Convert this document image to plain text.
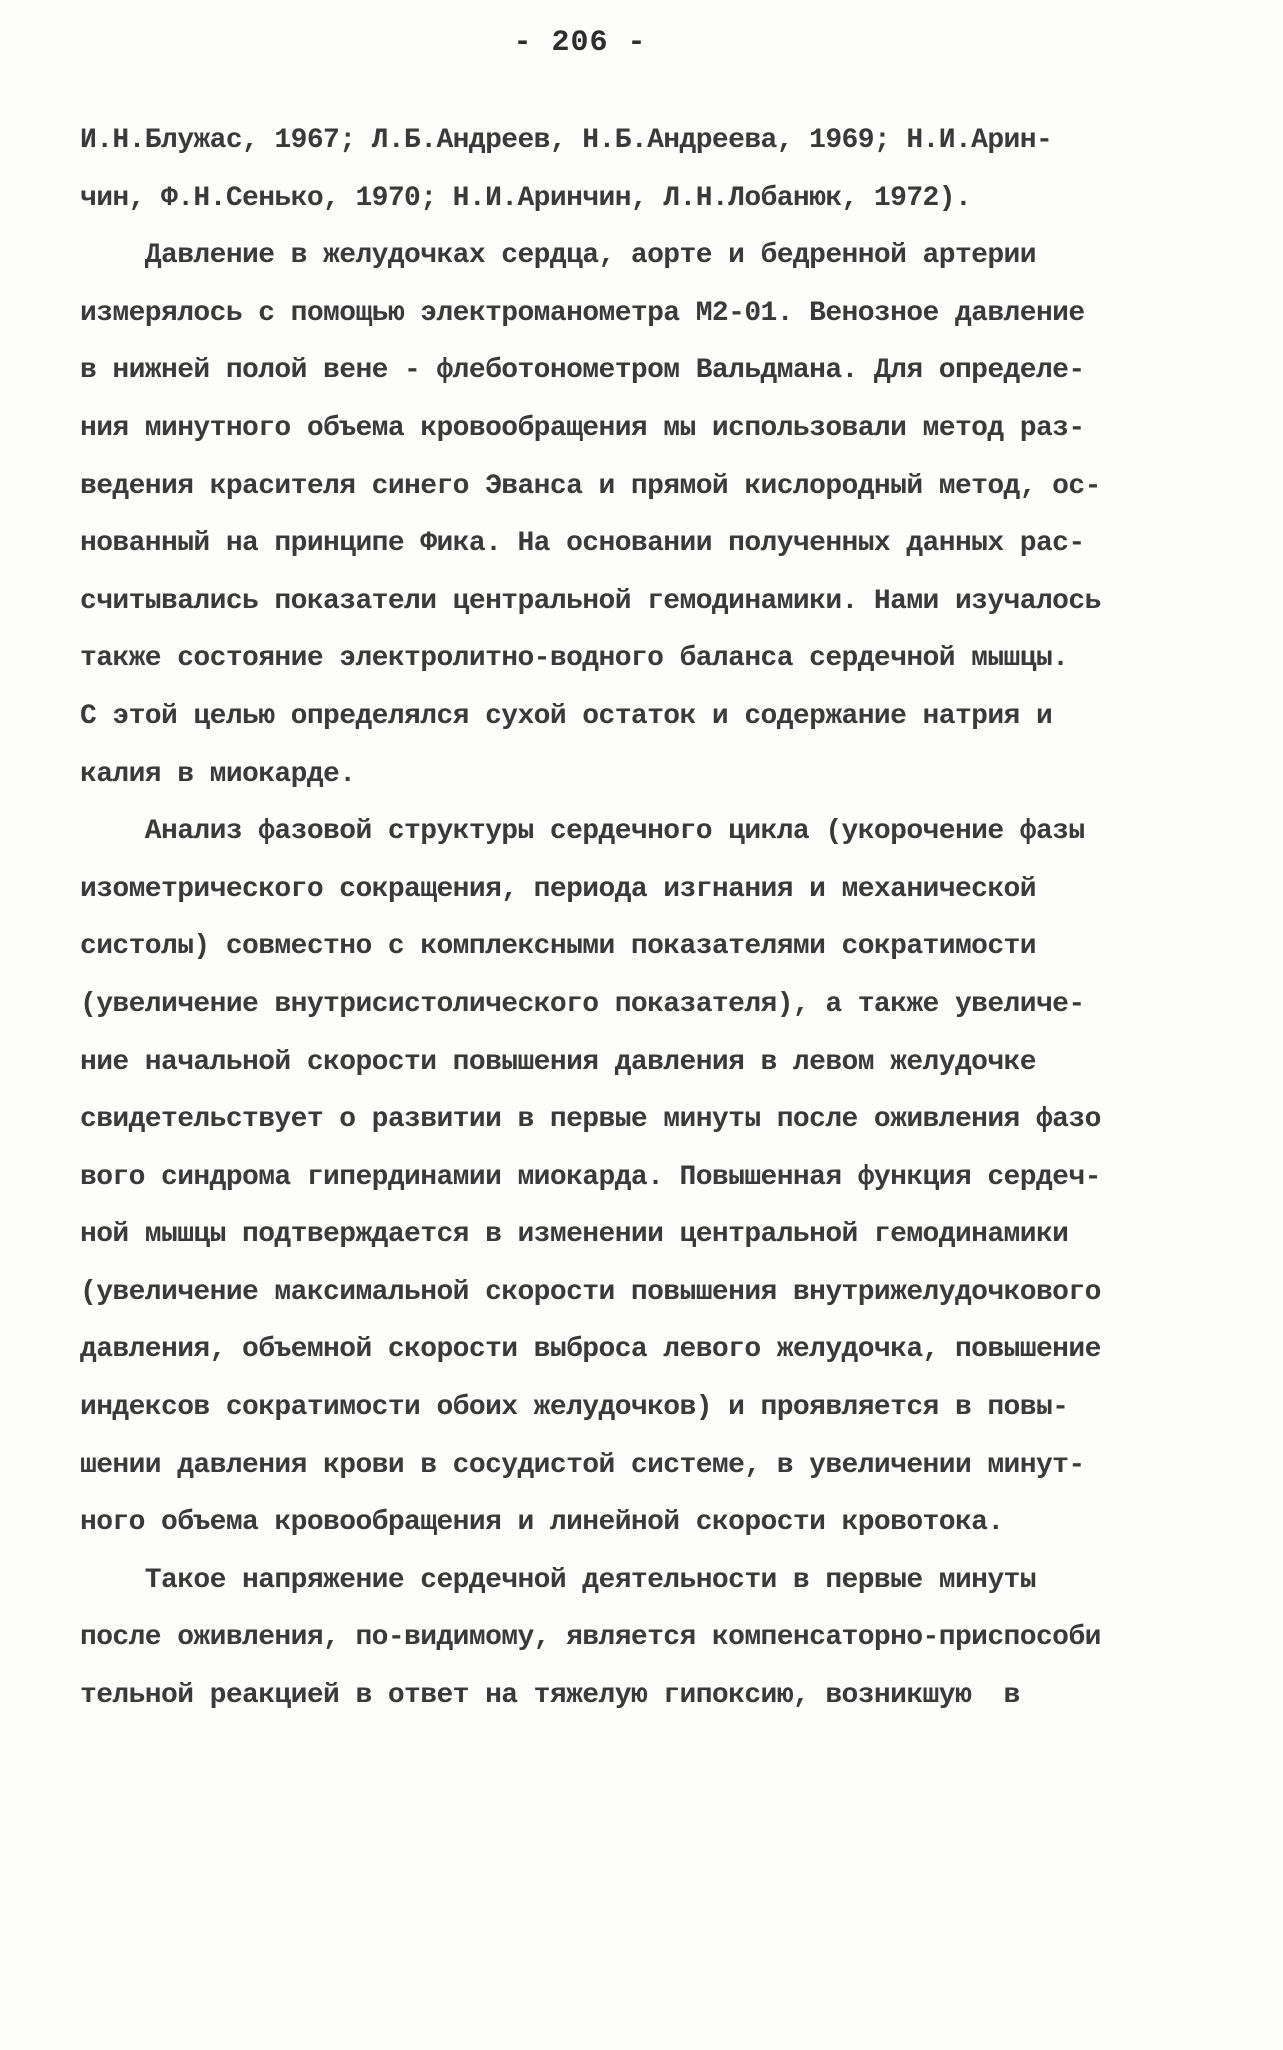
- 206 -
И.Н.Блужас, 1967; Л.Б.Андреев, Н.Б.Андреева, 1969; Н.И.Арин-
чин, Ф.Н.Сенько, 1970; Н.И.Аринчин, Л.Н.Лобанюк, 1972).
Давление в желудочках сердца, аорте и бедренной артерии
измерялось с помощью электроманометра М2-01. Венозное давление
в нижней полой вене - флеботонометром Вальдмана. Для определе-
ния минутного объема кровообращения мы использовали метод раз-
ведения красителя синего Эванса и прямой кислородный метод, ос-
нованный на принципе Фика. На основании полученных данных рас-
считывались показатели центральной гемодинамики. Нами изучалось
также состояние электролитно-водного баланса сердечной мышцы.
С этой целью определялся сухой остаток и содержание натрия и
калия в миокарде.
Анализ фазовой структуры сердечного цикла (укорочение фазы
изометрического сокращения, периода изгнания и механической
систолы) совместно с комплексными показателями сократимости
(увеличение внутрисистолического показателя), а также увеличе-
ние начальной скорости повышения давления в левом желудочке
свидетельствует о развитии в первые минуты после оживления фазо
вого синдрома гипердинамии миокарда. Повышенная функция сердеч-
ной мышцы подтверждается в изменении центральной гемодинамики
(увеличение максимальной скорости повышения внутрижелудочкового
давления, объемной скорости выброса левого желудочка, повышение
индексов сократимости обоих желудочков) и проявляется в повы-
шении давления крови в сосудистой системе, в увеличении минут-
ного объема кровообращения и линейной скорости кровотока.
Такое напряжение сердечной деятельности в первые минуты
после оживления, по-видимому, является компенсаторно-приспособи
тельной реакцией в ответ на тяжелую гипоксию, возникшую  в
